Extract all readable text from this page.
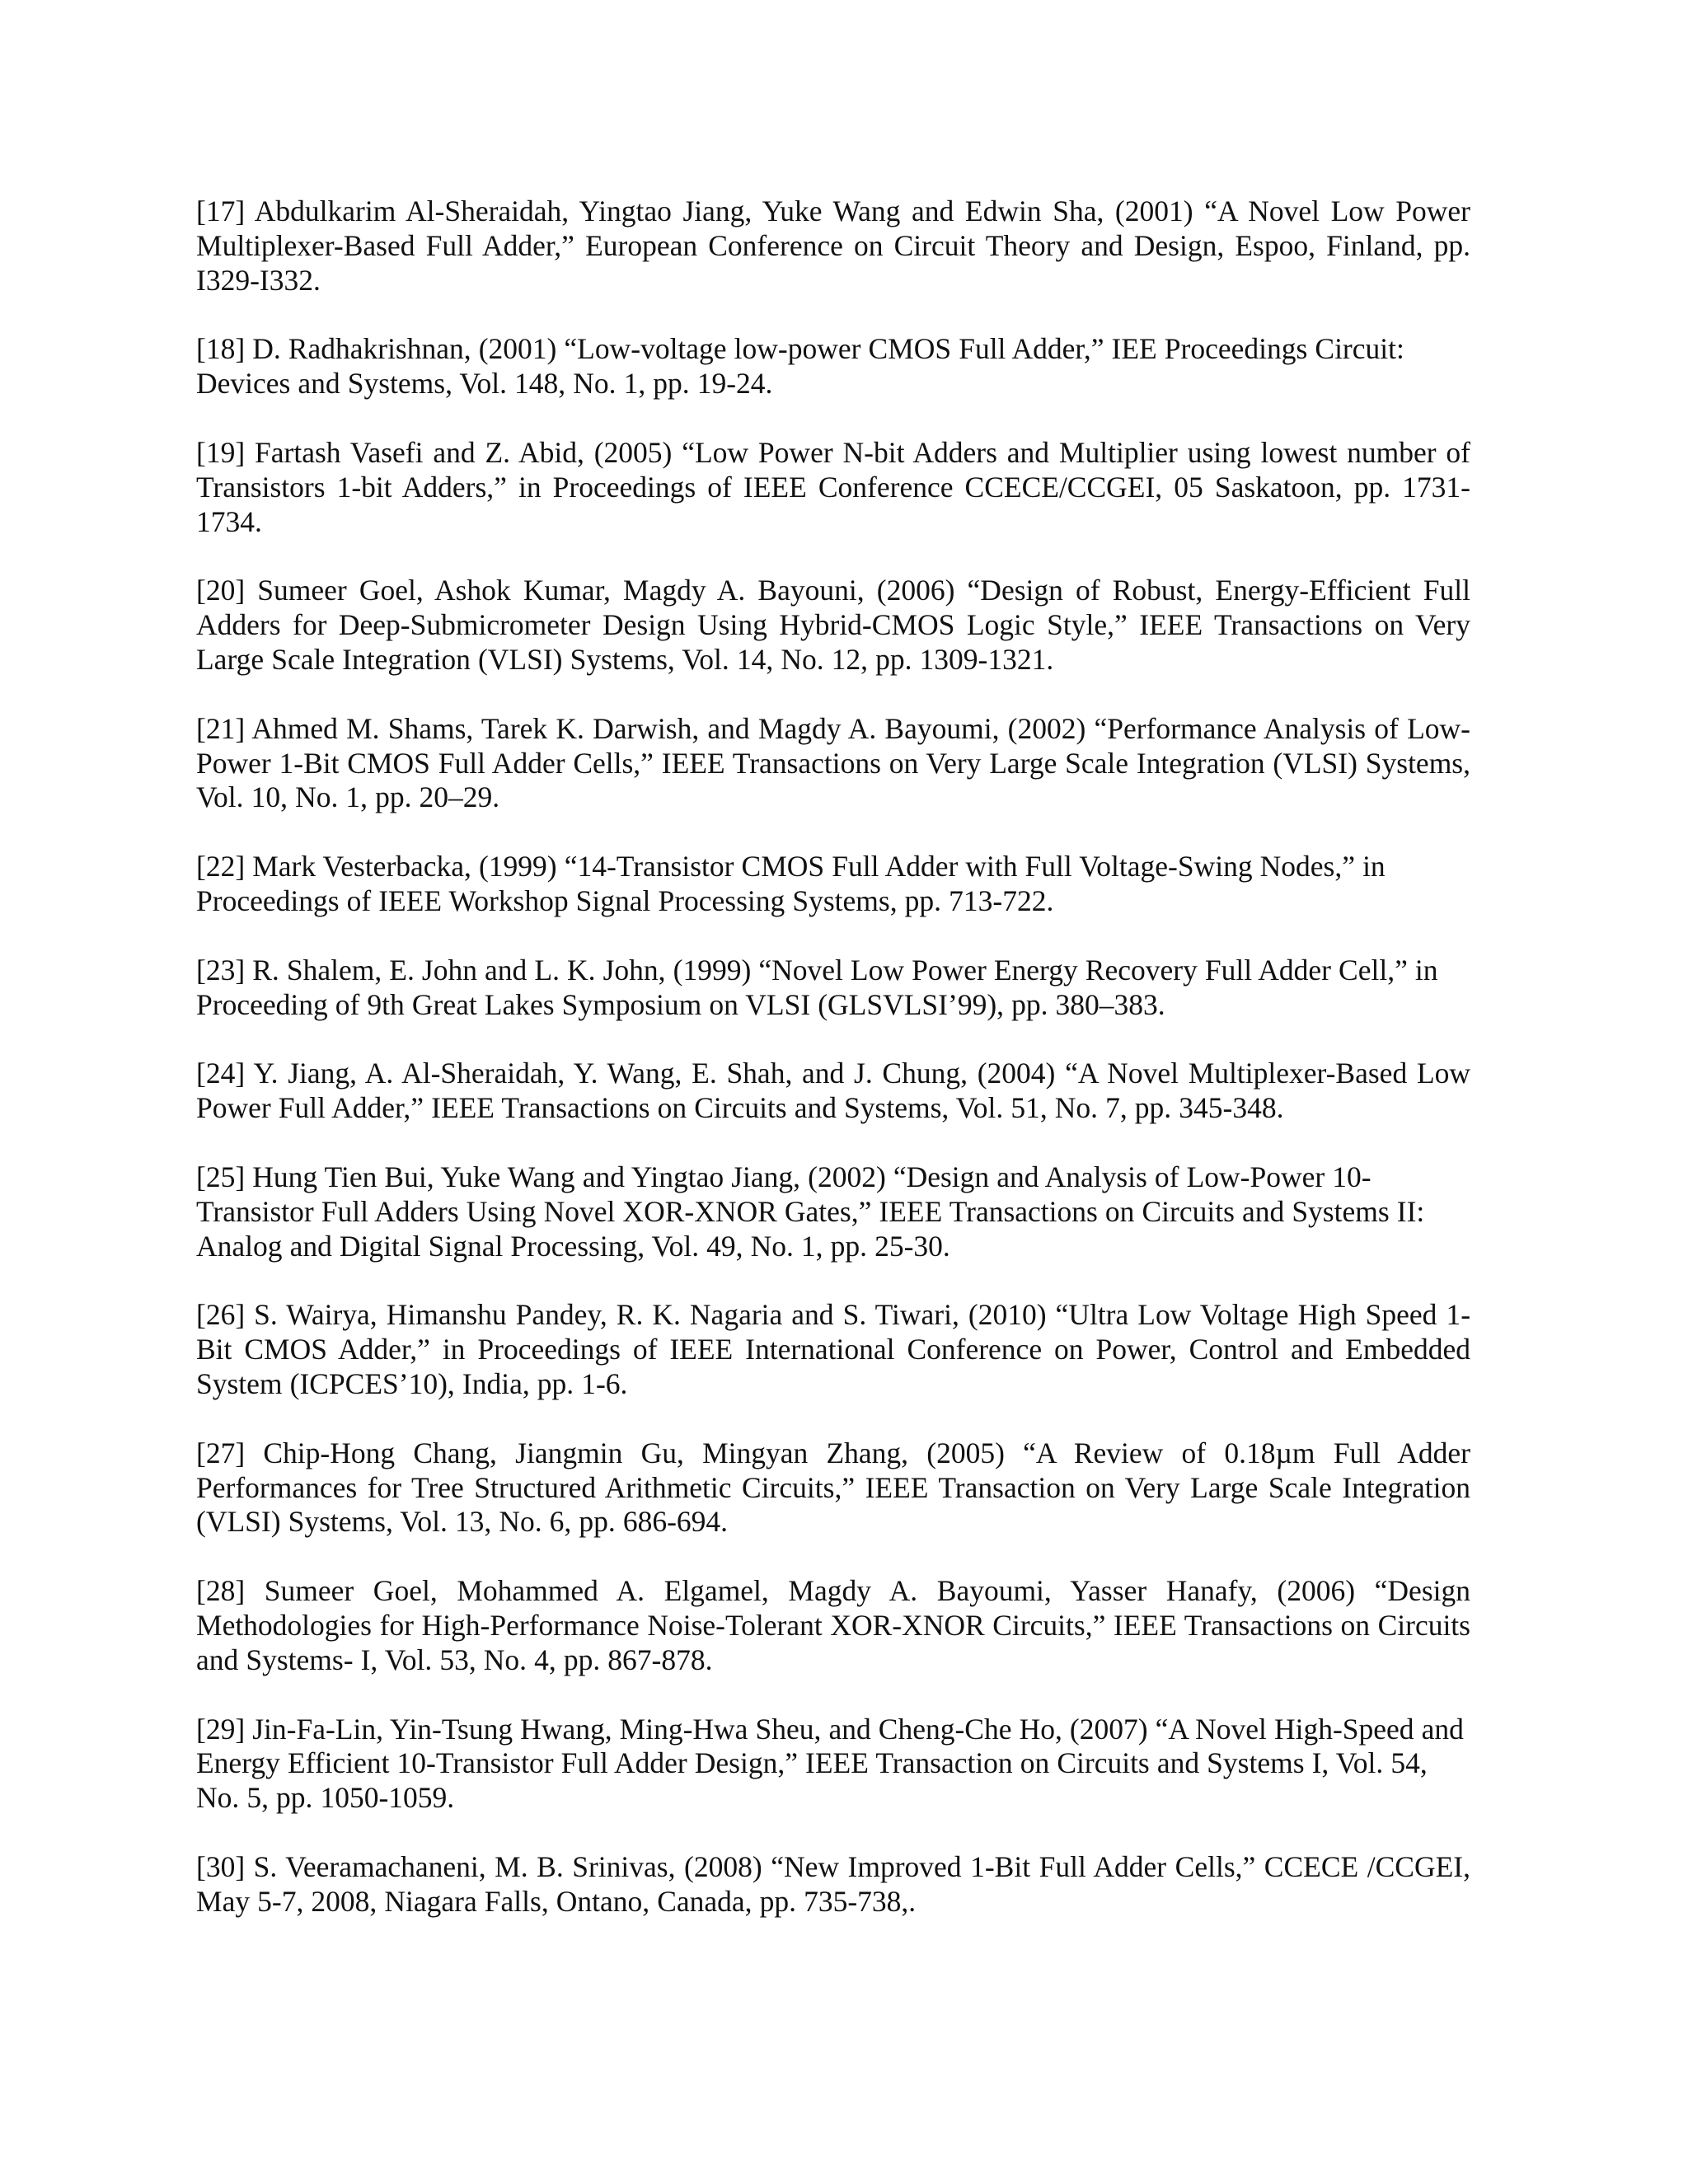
[17] Abdulkarim Al-Sheraidah, Yingtao Jiang, Yuke Wang and Edwin Sha, (2001) “A Novel Low Power Multiplexer-Based Full Adder,” European Conference on Circuit Theory and Design, Espoo, Finland, pp. I329-I332.

[18] D. Radhakrishnan, (2001) “Low-voltage low-power CMOS Full Adder,” IEE Proceedings Circuit: Devices and Systems, Vol. 148, No. 1, pp. 19-24.

[19] Fartash Vasefi and Z. Abid, (2005) “Low Power N-bit Adders and Multiplier using lowest number of Transistors 1-bit Adders,” in Proceedings of IEEE Conference CCECE/CCGEI, 05 Saskatoon, pp. 1731- 1734.

[20] Sumeer Goel, Ashok Kumar, Magdy A. Bayouni, (2006) “Design of Robust, Energy-Efficient Full Adders for Deep-Submicrometer Design Using Hybrid-CMOS Logic Style,” IEEE Transactions on Very Large Scale Integration (VLSI) Systems, Vol. 14, No. 12, pp. 1309-1321.

[21] Ahmed M. Shams, Tarek K. Darwish, and Magdy A. Bayoumi, (2002) “Performance Analysis of Low-Power 1-Bit CMOS Full Adder Cells,” IEEE Transactions on Very Large Scale Integration (VLSI) Systems, Vol. 10, No. 1, pp. 20–29.

[22] Mark Vesterbacka, (1999) “14-Transistor CMOS Full Adder with Full Voltage-Swing Nodes,” in Proceedings of IEEE Workshop Signal Processing Systems, pp. 713-722.

[23] R. Shalem, E. John and L. K. John, (1999) “Novel Low Power Energy Recovery Full Adder Cell,” in Proceeding of 9th Great Lakes Symposium on VLSI (GLSVLSI’99), pp. 380–383.

[24] Y. Jiang, A. Al-Sheraidah, Y. Wang, E. Shah, and J. Chung, (2004) “A Novel Multiplexer-Based Low Power Full Adder,” IEEE Transactions on Circuits and Systems, Vol. 51, No. 7, pp. 345-348.

[25] Hung Tien Bui, Yuke Wang and Yingtao Jiang, (2002) “Design and Analysis of Low-Power 10- Transistor Full Adders Using Novel XOR-XNOR Gates,” IEEE Transactions on Circuits and Systems II: Analog and Digital Signal Processing, Vol. 49, No. 1, pp. 25-30.

[26] S. Wairya, Himanshu Pandey, R. K. Nagaria and S. Tiwari, (2010) “Ultra Low Voltage High Speed 1- Bit CMOS Adder,” in Proceedings of IEEE International Conference on Power, Control and Embedded System (ICPCES’10), India, pp. 1-6.

[27] Chip-Hong Chang, Jiangmin Gu, Mingyan Zhang, (2005) “A Review of 0.18µm Full Adder Performances for Tree Structured Arithmetic Circuits,” IEEE Transaction on Very Large Scale Integration (VLSI) Systems, Vol. 13, No. 6, pp. 686-694.

[28] Sumeer Goel, Mohammed A. Elgamel, Magdy A. Bayoumi, Yasser Hanafy, (2006) “Design Methodologies for High-Performance Noise-Tolerant XOR-XNOR Circuits,” IEEE Transactions on Circuits and Systems- I, Vol. 53, No. 4, pp. 867-878.

[29] Jin-Fa-Lin, Yin-Tsung Hwang, Ming-Hwa Sheu, and Cheng-Che Ho, (2007) “A Novel High-Speed and Energy Efficient 10-Transistor Full Adder Design,” IEEE Transaction on Circuits and Systems I, Vol. 54, No. 5, pp. 1050-1059.

[30] S. Veeramachaneni, M. B. Srinivas, (2008) “New Improved 1-Bit Full Adder Cells,” CCECE /CCGEI, May 5-7, 2008, Niagara Falls, Ontano, Canada, pp. 735-738,.
